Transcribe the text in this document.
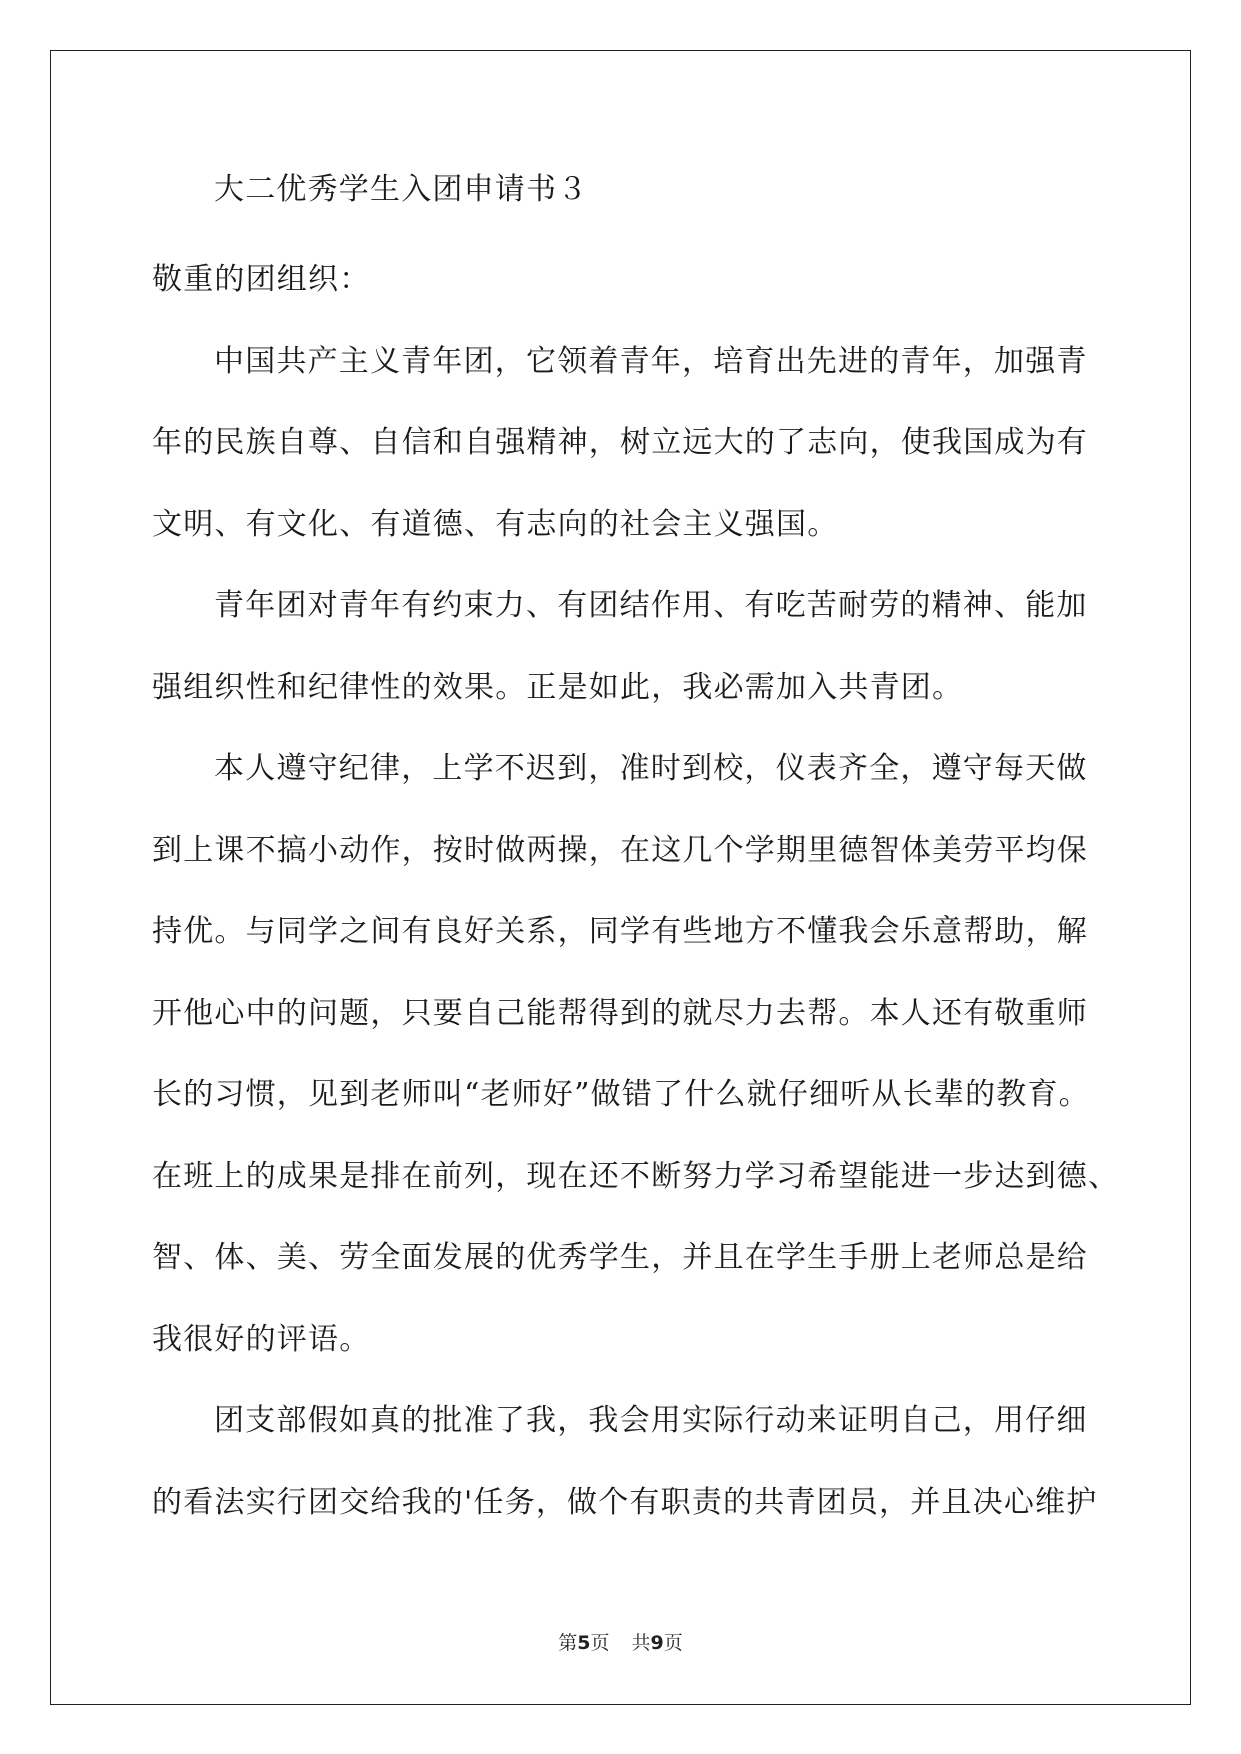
大二优秀学生入团申请书３
敬重的团组织：
中国共产主义青年团，它领着青年，培育出先进的青年，加强青
年的民族自尊、自信和自强精神，树立远大的了志向，使我国成为有
文明、有文化、有道德、有志向的社会主义强国。
青年团对青年有约束力、有团结作用、有吃苦耐劳的精神、能加
强组织性和纪律性的效果。正是如此，我必需加入共青团。
本人遵守纪律，上学不迟到，准时到校，仪表齐全，遵守每天做
到上课不搞小动作，按时做两操，在这几个学期里德智体美劳平均保
持优。与同学之间有良好关系，同学有些地方不懂我会乐意帮助，解
开他心中的问题，只要自己能帮得到的就尽力去帮。本人还有敬重师
长的习惯，见到老师叫“老师好”做错了什么就仔细听从长辈的教育。
在班上的成果是排在前列，现在还不断努力学习希望能进一步达到德、
智、体、美、劳全面发展的优秀学生，并且在学生手册上老师总是给
我很好的评语。
团支部假如真的批准了我，我会用实际行动来证明自己，用仔细
的看法实行团交给我的'任务，做个有职责的共青团员，并且决心维护
第5页 共9页
